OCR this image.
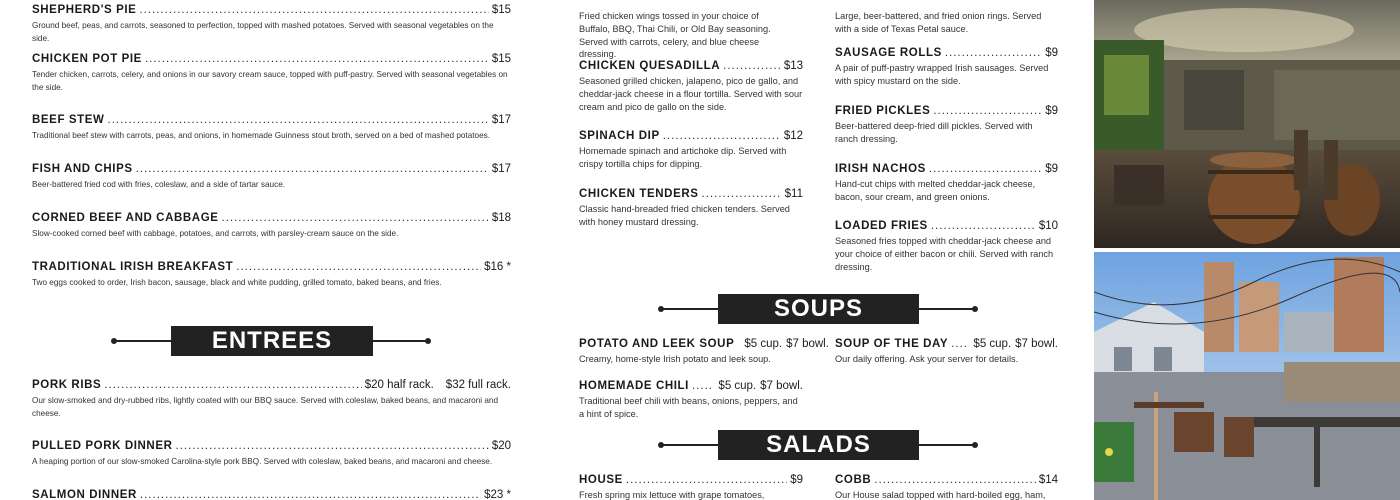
SHEPHERD'S PIE .....	$15
Ground beef, peas, and carrots, seasoned to perfection, topped with mashed potatoes. Served with seasonal vegetables on the side.
CHICKEN POT PIE .....	$15
Tender chicken, carrots, celery, and onions in our savory cream sauce, topped with puff-pastry. Served with seasonal vegetables on the side.
BEEF STEW .....	$17
Traditional beef stew with carrots, peas, and onions, in homemade Guinness stout broth, served on a bed of mashed potatoes.
FISH AND CHIPS .....	$17
Beer-battered fried cod with fries, coleslaw, and a side of tartar sauce.
CORNED BEEF AND CABBAGE .....	$18
Slow-cooked corned beef with cabbage, potatoes, and carrots, with parsley-cream sauce on the side.
TRADITIONAL IRISH BREAKFAST .....	$16 *
Two eggs cooked to order, Irish bacon, sausage, black and white pudding, grilled tomato, baked beans, and fries.
ENTREES
PORK RIBS .....	$20 half rack. $32 full rack.
Our slow-smoked and dry-rubbed ribs, lightly coated with our BBQ sauce. Served with coleslaw, baked beans, and macaroni and cheese.
PULLED PORK DINNER .....	$20
A heaping portion of our slow-smoked Carolina-style pork BBQ. Served with coleslaw, baked beans, and macaroni and cheese.
SALMON DINNER .....	$23 *
Fried chicken wings tossed in your choice of Buffalo, BBQ, Thai Chili, or Old Bay seasoning. Served with carrots, celery, and blue cheese dressing.
CHICKEN QUESADILLA .....	$13
Seasoned grilled chicken, jalapeno, pico de gallo, and cheddar-jack cheese in a flour tortilla. Served with sour cream and pico de gallo on the side.
SPINACH DIP .....	$12
Homemade spinach and artichoke dip. Served with crispy tortilla chips for dipping.
CHICKEN TENDERS .....	$11
Classic hand-breaded fried chicken tenders. Served with honey mustard dressing.
Large, beer-battered, and fried onion rings. Served with a side of Texas Petal sauce.
SAUSAGE ROLLS .....	$9
A pair of puff-pastry wrapped Irish sausages. Served with spicy mustard on the side.
FRIED PICKLES .....	$9
Beer-battered deep-fried dill pickles. Served with ranch dressing.
IRISH NACHOS .....	$9
Hand-cut chips with melted cheddar-jack cheese, bacon, sour cream, and green onions.
LOADED FRIES .....	$10
Seasoned fries topped with cheddar-jack cheese and your choice of either bacon or chili. Served with ranch dressing.
SOUPS
POTATO AND LEEK SOUP $5 cup. $7 bowl.
Creamy, home-style Irish potato and leek soup.
SOUP OF THE DAY .....	$5 cup. $7 bowl.
Our daily offering. Ask your server for details.
HOMEMADE CHILI .....	$5 cup. $7 bowl.
Traditional beef chili with beans, onions, peppers, and a hint of spice.
SALADS
HOUSE .....	$9
Fresh spring mix lettuce with grape tomatoes,
COBB .....	$14
Our House salad topped with hard-boiled egg, ham,
